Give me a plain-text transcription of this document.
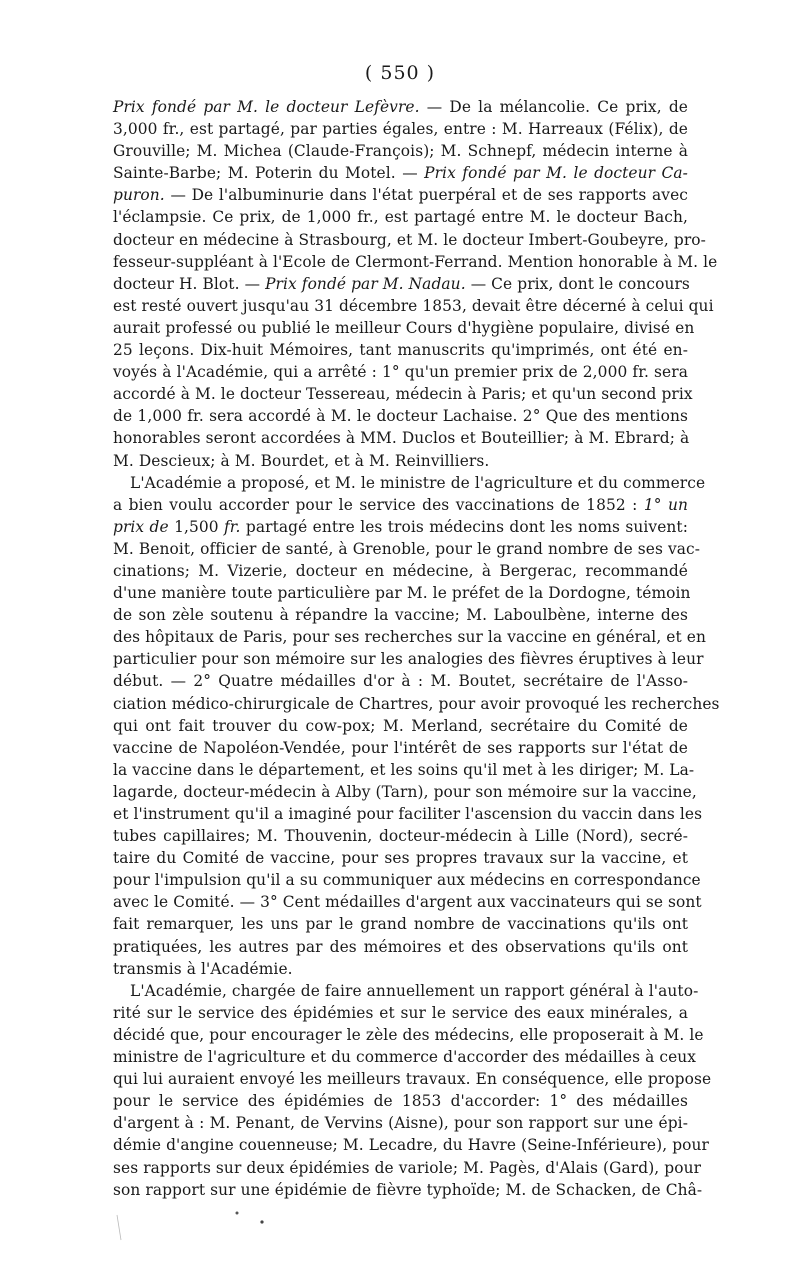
( 550 )
Prix fondé par M. le docteur Lefèvre. — De la mélancolie. Ce prix, de
3,000 fr., est partagé, par parties égales, entre : M. Harreaux (Félix), de
Grouville; M. Michea (Claude-François); M. Schnepf, médecin interne à
Sainte-Barbe; M. Poterin du Motel. — Prix fondé par M. le docteur Ca-
puron. — De l'albuminurie dans l'état puerpéral et de ses rapports avec
l'éclampsie. Ce prix, de 1,000 fr., est partagé entre M. le docteur Bach,
docteur en médecine à Strasbourg, et M. le docteur Imbert-Goubeyre, pro-
fesseur-suppléant à l'Ecole de Clermont-Ferrand. Mention honorable à M. le
docteur H. Blot. — Prix fondé par M. Nadau. — Ce prix, dont le concours
est resté ouvert jusqu'au 31 décembre 1853, devait être décerné à celui qui
aurait professé ou publié le meilleur Cours d'hygiène populaire, divisé en
25 leçons. Dix-huit Mémoires, tant manuscrits qu'imprimés, ont été en-
voyés à l'Académie, qui a arrêté : 1° qu'un premier prix de 2,000 fr. sera
accordé à M. le docteur Tessereau, médecin à Paris; et qu'un second prix
de 1,000 fr. sera accordé à M. le docteur Lachaise. 2° Que des mentions
honorables seront accordées à MM. Duclos et Bouteillier; à M. Ebrard; à
M. Descieux; à M. Bourdet, et à M. Reinvilliers.
L'Académie a proposé, et M. le ministre de l'agriculture et du commerce
a bien voulu accorder pour le service des vaccinations de 1852 : 1° un
prix de 1,500 fr. partagé entre les trois médecins dont les noms suivent:
M. Benoit, officier de santé, à Grenoble, pour le grand nombre de ses vac-
cinations; M. Vizerie, docteur en médecine, à Bergerac, recommandé
d'une manière toute particulière par M. le préfet de la Dordogne, témoin
de son zèle soutenu à répandre la vaccine; M. Laboulbène, interne des
des hôpitaux de Paris, pour ses recherches sur la vaccine en général, et en
particulier pour son mémoire sur les analogies des fièvres éruptives à leur
début. — 2° Quatre médailles d'or à : M. Boutet, secrétaire de l'Asso-
ciation médico-chirurgicale de Chartres, pour avoir provoqué les recherches
qui ont fait trouver du cow-pox; M. Merland, secrétaire du Comité de
vaccine de Napoléon-Vendée, pour l'intérêt de ses rapports sur l'état de
la vaccine dans le département, et les soins qu'il met à les diriger; M. La-
lagarde, docteur-médecin à Alby (Tarn), pour son mémoire sur la vaccine,
et l'instrument qu'il a imaginé pour faciliter l'ascension du vaccin dans les
tubes capillaires; M. Thouvenin, docteur-médecin à Lille (Nord), secré-
taire du Comité de vaccine, pour ses propres travaux sur la vaccine, et
pour l'impulsion qu'il a su communiquer aux médecins en correspondance
avec le Comité. — 3° Cent médailles d'argent aux vaccinateurs qui se sont
fait remarquer, les uns par le grand nombre de vaccinations qu'ils ont
pratiquées, les autres par des mémoires et des observations qu'ils ont
transmis à l'Académie.
L'Académie, chargée de faire annuellement un rapport général à l'auto-
rité sur le service des épidémies et sur le service des eaux minérales, a
décidé que, pour encourager le zèle des médecins, elle proposerait à M. le
ministre de l'agriculture et du commerce d'accorder des médailles à ceux
qui lui auraient envoyé les meilleurs travaux. En conséquence, elle propose
pour le service des épidémies de 1853 d'accorder: 1° des médailles
d'argent à : M. Penant, de Vervins (Aisne), pour son rapport sur une épi-
démie d'angine couenneuse; M. Lecadre, du Havre (Seine-Inférieure), pour
ses rapports sur deux épidémies de variole; M. Pagès, d'Alais (Gard), pour
son rapport sur une épidémie de fièvre typhoïde; M. de Schacken, de Châ-
